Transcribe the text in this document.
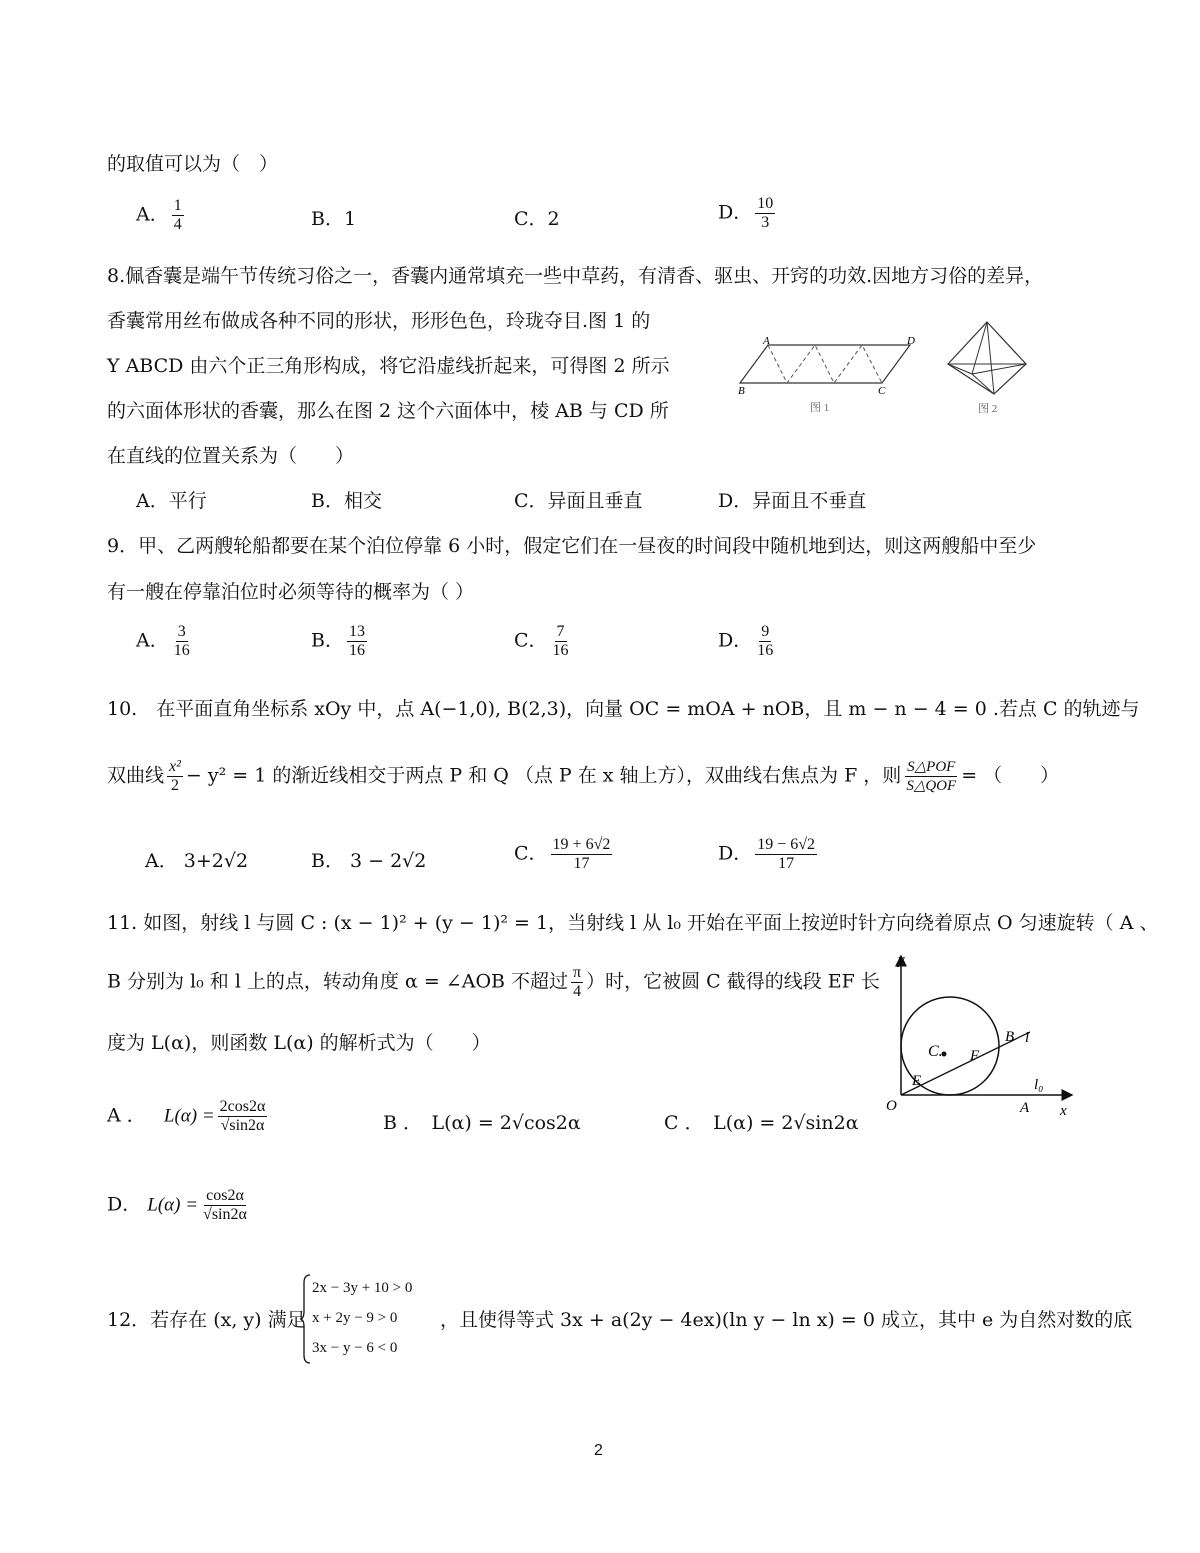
的取值可以为（　）
A． $\frac{1}{4}$	B．1	C．2	D． $\frac{10}{3}$
8.佩香囊是端午节传统习俗之一，香囊内通常填充一些中草药，有清香、驱虫、开窍的功效.因地方习俗的差异，
香囊常用丝布做成各种不同的形状，形形色色，玲珑夺目.图 1 的
Y ABCD 由六个正三角形构成，将它沿虚线折起来，可得图 2 所示
的六面体形状的香囊，那么在图 2 这个六面体中，棱 AB 与 CD 所
在直线的位置关系为（　　）
A	D
B	C
图 1	图 2
A．平行	B．相交	C．异面且垂直	D．异面且不垂直
9．甲、乙两艘轮船都要在某个泊位停靠 6 小时，假定它们在一昼夜的时间段中随机地到达，则这两艘船中至少
有一艘在停靠泊位时必须等待的概率为（ ）
A． $\frac{3}{16}$	B． $\frac{13}{16}$	C． $\frac{7}{16}$	D． $\frac{9}{16}$
10.　在平面直角坐标系 xOy 中，点 A(−1,0), B(2,3)，向量 OC = mOA + nOB，且 m − n − 4 = 0 .若点 C 的轨迹与
双曲线 $\frac{\text{x²}}{2} - y^2 = 1$ 的渐近线相交于两点 P 和 Q （点 P 在 x 轴上方），双曲线右焦点为 F ，则 $\frac{\text{S△POF}}{\text{S△QOF}}$ = （　　）
A． 3+2√2	B． 3 − 2√2	C． $\frac{19 + 6√2}{17}$	D． $\frac{19 - 6√2}{17}$
11. 如图，射线 l 与圆 C : (x − 1)² + (y − 1)² = 1，当射线 l 从 l₀ 开始在平面上按逆时针方向绕着原点 O 匀速旋转（ A 、
B 分别为 l₀ 和 l 上的点，转动角度 α = ∠AOB 不超过 $\frac{\pi}{4}$ ）时，它被圆 C 截得的线段 EF 长
度为 L(α)，则函数 L(α) 的解析式为（　　）
y
x
O	A
B l
l₀
C.
E
F
A ． $L(\alpha) = \frac{2\cos 2\alpha}{√\sin 2\alpha}$	B ．　L(α) = 2√cos2α	C ．　L(α) = 2√sin2α
D． $L(\alpha) = \frac{\cos 2\alpha}{√\sin 2\alpha}$
12．若存在 (x, y) 满足
2x − 3y + 10 > 0
x + 2y − 9 > 0
3x − y − 6 < 0
，且使得等式 3x + a(2y − 4ex)(ln y − ln x) = 0 成立，其中 e 为自然对数的底
2
